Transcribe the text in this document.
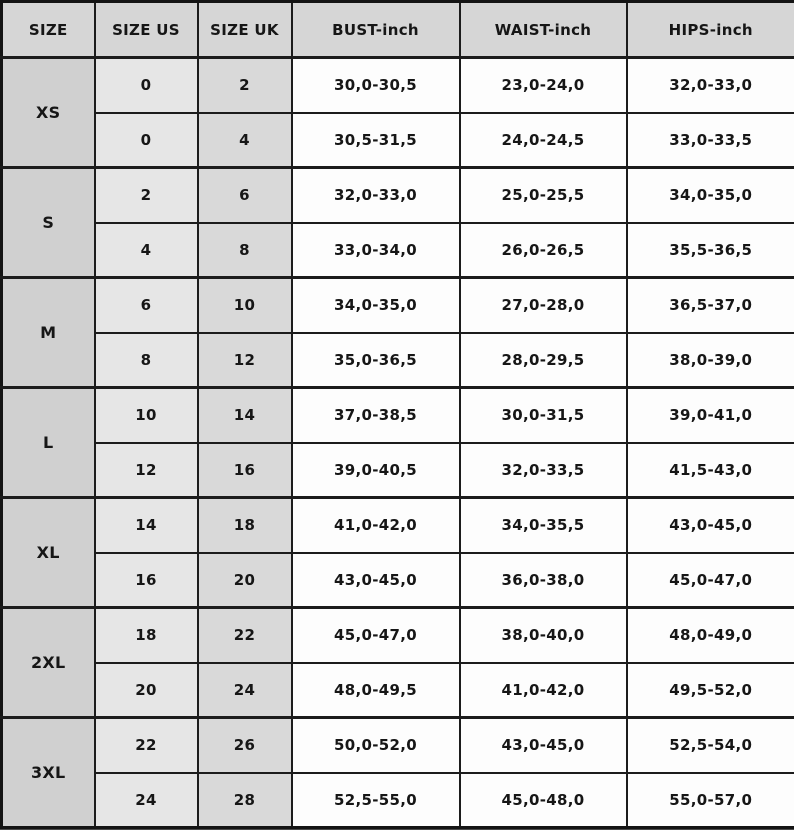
SIZE	SIZE US	SIZE UK	BUST-inch	WAIST-inch	HIPS-inch
XS	0	2	30,0-30,5	23,0-24,0	32,0-33,0
	0	4	30,5-31,5	24,0-24,5	33,0-33,5
S	2	6	32,0-33,0	25,0-25,5	34,0-35,0
	4	8	33,0-34,0	26,0-26,5	35,5-36,5
M	6	10	34,0-35,0	27,0-28,0	36,5-37,0
	8	12	35,0-36,5	28,0-29,5	38,0-39,0
L	10	14	37,0-38,5	30,0-31,5	39,0-41,0
	12	16	39,0-40,5	32,0-33,5	41,5-43,0
XL	14	18	41,0-42,0	34,0-35,5	43,0-45,0
	16	20	43,0-45,0	36,0-38,0	45,0-47,0
2XL	18	22	45,0-47,0	38,0-40,0	48,0-49,0
	20	24	48,0-49,5	41,0-42,0	49,5-52,0
3XL	22	26	50,0-52,0	43,0-45,0	52,5-54,0
	24	28	52,5-55,0	45,0-48,0	55,0-57,0
